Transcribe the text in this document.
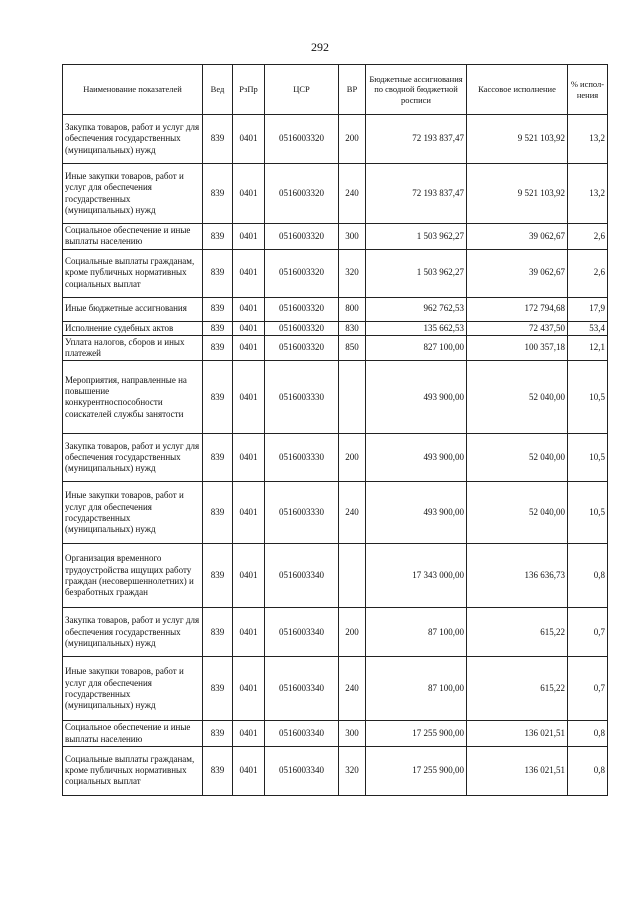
292
Наименование показателей	Вед	РзПр	ЦСР	ВР	Бюджетные ассигнования по сводной бюджетной росписи	Кассовое исполнение	% испол-нения
Закупка товаров, работ и услуг для обеспечения государственных (муниципальных) нужд	839	0401	0516003320	200	72 193 837,47	9 521 103,92	13,2
Иные закупки товаров, работ и услуг для обеспечения государственных (муниципальных) нужд	839	0401	0516003320	240	72 193 837,47	9 521 103,92	13,2
Социальное обеспечение и иные выплаты населению	839	0401	0516003320	300	1 503 962,27	39 062,67	2,6
Социальные выплаты гражданам, кроме публичных нормативных социальных выплат	839	0401	0516003320	320	1 503 962,27	39 062,67	2,6
Иные бюджетные ассигнования	839	0401	0516003320	800	962 762,53	172 794,68	17,9
Исполнение судебных актов	839	0401	0516003320	830	135 662,53	72 437,50	53,4
Уплата налогов, сборов и иных платежей	839	0401	0516003320	850	827 100,00	100 357,18	12,1
Мероприятия, направленные на повышение конкурентноспособности соискателей службы занятости	839	0401	0516003330		493 900,00	52 040,00	10,5
Закупка товаров, работ и услуг для обеспечения государственных (муниципальных) нужд	839	0401	0516003330	200	493 900,00	52 040,00	10,5
Иные закупки товаров, работ и услуг для обеспечения государственных (муниципальных) нужд	839	0401	0516003330	240	493 900,00	52 040,00	10,5
Организация временного трудоустройства ищущих работу граждан (несовершеннолетних) и безработных граждан	839	0401	0516003340		17 343 000,00	136 636,73	0,8
Закупка товаров, работ и услуг для обеспечения государственных (муниципальных) нужд	839	0401	0516003340	200	87 100,00	615,22	0,7
Иные закупки товаров, работ и услуг для обеспечения государственных (муниципальных) нужд	839	0401	0516003340	240	87 100,00	615,22	0,7
Социальное обеспечение и иные выплаты населению	839	0401	0516003340	300	17 255 900,00	136 021,51	0,8
Социальные выплаты гражданам, кроме публичных нормативных социальных выплат	839	0401	0516003340	320	17 255 900,00	136 021,51	0,8
